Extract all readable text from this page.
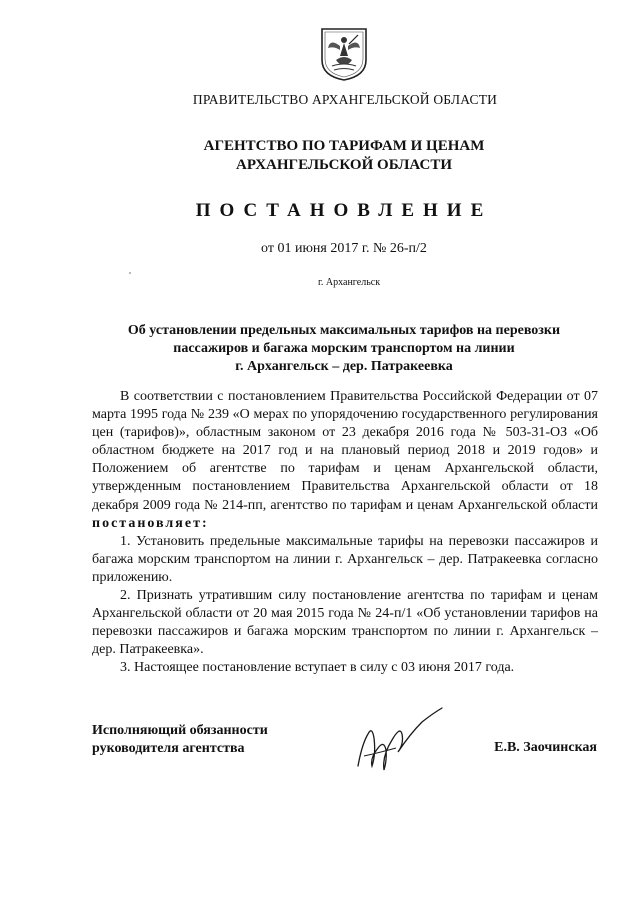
ПРАВИТЕЛЬСТВО АРХАНГЕЛЬСКОЙ ОБЛАСТИ
АГЕНТСТВО ПО ТАРИФАМ И ЦЕНАМ
АРХАНГЕЛЬСКОЙ ОБЛАСТИ
ПОСТАНОВЛЕНИЕ
от 01 июня 2017 г. № 26-п/2
г. Архангельск
Об установлении предельных максимальных тарифов на перевозки
пассажиров и багажа морским транспортом на линии
г. Архангельск – дер. Патракеевка

В соответствии с постановлением Правительства Российской Федерации от 07 марта 1995 года № 239 «О мерах по упорядочению государственного регулирования цен (тарифов)», областным законом от 23 декабря 2016 года № 503-31-ОЗ «Об областном бюджете на 2017 год и на плановый период 2018 и 2019 годов» и Положением об агентстве по тарифам и ценам Архангельской области, утвержденным постановлением Правительства Архангельской области от 18 декабря 2009 года № 214-пп, агентство по тарифам и ценам Архангельской области постановляет:

1. Установить предельные максимальные тарифы на перевозки пассажиров и багажа морским транспортом на линии г. Архангельск – дер. Патракеевка согласно приложению.

2. Признать утратившим силу постановление агентства по тарифам и ценам Архангельской области от 20 мая 2015 года № 24-п/1 «Об установлении тарифов на перевозки пассажиров и багажа морским транспортом по линии г. Архангельск – дер. Патракеевка».

3. Настоящее постановление вступает в силу с 03 июня 2017 года.

Исполняющий обязанности
руководителя агентства	Е.В. Заочинская
